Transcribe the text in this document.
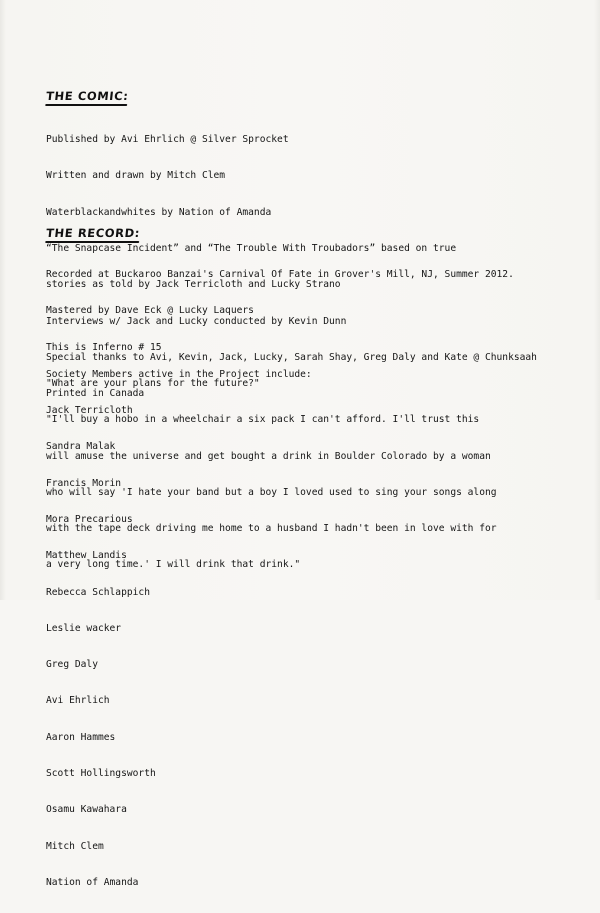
THE COMIC:

Published by Avi Ehrlich @ Silver Sprocket

Written and drawn by Mitch Clem

Waterblackandwhites by Nation of Amanda

“The Snapcase Incident” and “The Trouble With Troubadors” based on true

stories as told by Jack Terricloth and Lucky Strano

Interviews w/ Jack and Lucky conducted by Kevin Dunn

Special thanks to Avi, Kevin, Jack, Lucky, Sarah Shay, Greg Daly and Kate @ Chunksaah

Printed in Canada

THE RECORD:

Recorded at Buckaroo Banzai's Carnival Of Fate in Grover's Mill, NJ, Summer 2012.

Mastered by Dave Eck @ Lucky Laquers

This is Inferno # 15

"What are your plans for the future?"

"I'll buy a hobo in a wheelchair a six pack I can't afford. I'll trust this

will amuse the universe and get bought a drink in Boulder Colorado by a woman

who will say 'I hate your band but a boy I loved used to sing your songs along

with the tape deck driving me home to a husband I hadn't been in love with for

a very long time.' I will drink that drink."

Society Members active in the Project include:

Jack Terricloth

Sandra Malak

Francis Morin

Mora Precarious

Matthew Landis

Rebecca Schlappich

Leslie wacker

Greg Daly

Avi Ehrlich

Aaron Hammes

Scott Hollingsworth

Osamu Kawahara

Mitch Clem

Nation of Amanda
